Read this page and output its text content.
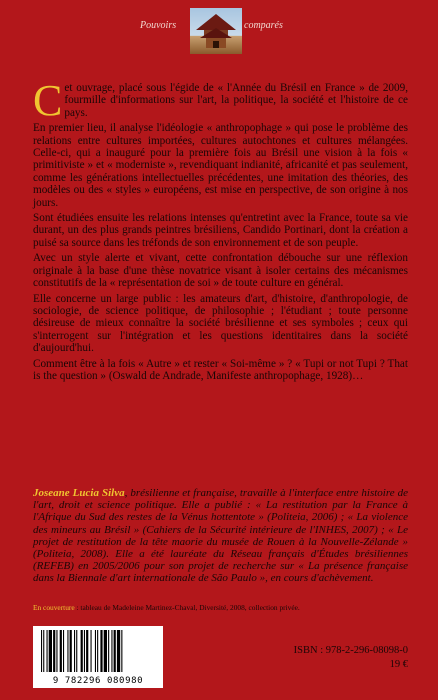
Pouvoirs	comparés

Cet ouvrage, placé sous l'égide de « l'Année du Brésil en France » de 2009, fourmille d'informations sur l'art, la politique, la société et l'histoire de ce pays.

En premier lieu, il analyse l'idéologie « anthropophage » qui pose le problème des relations entre cultures importées, cultures autochtones et cultures mélangées. Celle-ci, qui a inauguré pour la première fois au Brésil une vision à la fois « primitiviste » et « moderniste », revendiquant indianité, africanité et pas seulement, comme les générations intellectuelles précédentes, une imitation des théories, des modèles ou des « styles » européens, est mise en perspective, de son origine à nos jours.

Sont étudiées ensuite les relations intenses qu'entretint avec la France, toute sa vie durant, un des plus grands peintres brésiliens, Candido Portinari, dont la création a puisé sa source dans les tréfonds de son environnement et de son peuple.

Avec un style alerte et vivant, cette confrontation débouche sur une réflexion originale à la base d'une thèse novatrice visant à isoler certains des mécanismes constitutifs de la « représentation de soi » de toute culture en général.

Elle concerne un large public : les amateurs d'art, d'histoire, d'anthropologie, de sociologie, de science politique, de philosophie ; l'étudiant ; toute personne désireuse de mieux connaître la société brésilienne et ses symboles ; ceux qui s'interrogent sur l'intégration et les questions identitaires dans la société d'aujourd'hui.

Comment être à la fois « Autre » et rester « Soi-même » ? « Tupi or not Tupi ? That is the question » (Oswald de Andrade, Manifeste anthropophage, 1928)…

Joseane Lucia Silva, brésilienne et française, travaille à l'interface entre histoire de l'art, droit et science politique. Elle a publié : « La restitution par la France à l'Afrique du Sud des restes de la Vénus hottentote » (Politeia, 2006) ; « La violence des mineurs au Brésil » (Cahiers de la Sécurité intérieure de l'INHES, 2007) ; « Le projet de restitution de la tête maorie du musée de Rouen à la Nouvelle-Zélande » (Politeia, 2008). Elle a été lauréate du Réseau français d'Études brésiliennes (REFEB) en 2005/2006 pour son projet de recherche sur « La présence française dans la Biennale d'art internationale de São Paulo », en cours d'achèvement.
En couverture : tableau de Madeleine Martinez-Chaval, Diversité, 2008, collection privée.
9 782296 080980
ISBN : 978-2-296-08098-0
19 €
